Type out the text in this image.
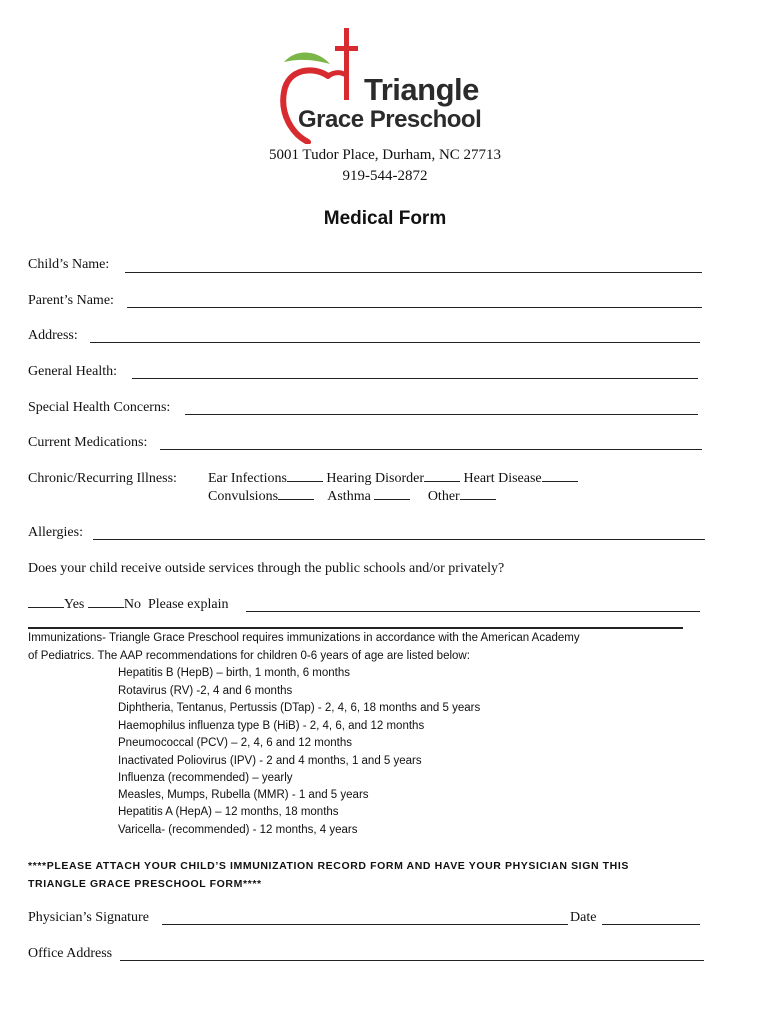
Triangle
Grace Preschool
5001 Tudor Place, Durham, NC 27713
919-544-2872
Medical Form
Child’s Name:
Parent’s Name:
Address:
General Health:
Special Health Concerns:
Current Medications:
Chronic/Recurring Illness: Ear Infections	Hearing Disorder	Heart Disease
Convulsions	Asthma	Other
Allergies:
Does your child receive outside services through the public schools and/or privately?
Yes	No Please explain
Immunizations- Triangle Grace Preschool requires immunizations in accordance with the American Academy
of Pediatrics. The AAP recommendations for children 0-6 years of age are listed below:
Hepatitis B (HepB) – birth, 1 month, 6 months
Rotavirus (RV) -2, 4 and 6 months
Diphtheria, Tentanus, Pertussis (DTap) - 2, 4, 6, 18 months and 5 years
Haemophilus influenza type B (HiB) - 2, 4, 6, and 12 months
Pneumococcal (PCV) – 2, 4, 6 and 12 months
Inactivated Poliovirus (IPV) - 2 and 4 months, 1 and 5 years
Influenza (recommended) – yearly
Measles, Mumps, Rubella (MMR) - 1 and 5 years
Hepatitis A (HepA) – 12 months, 18 months
Varicella- (recommended) - 12 months, 4 years
****PLEASE ATTACH YOUR CHILD’S IMMUNIZATION RECORD FORM AND HAVE YOUR PHYSICIAN SIGN THIS
TRIANGLE GRACE PRESCHOOL FORM****
Physician’s Signature	Date
Office Address
